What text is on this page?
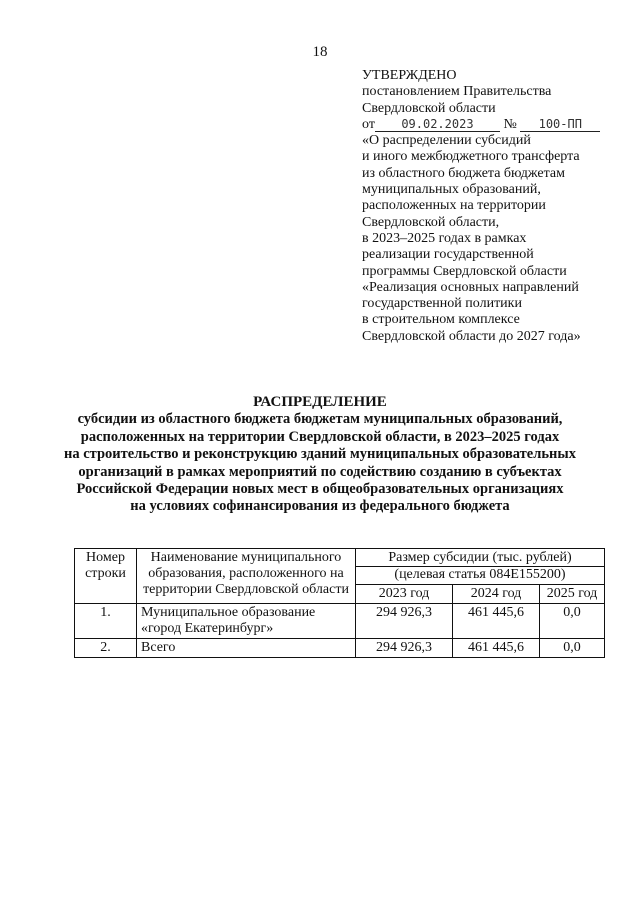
18
УТВЕРЖДЕНО
постановлением Правительства
Свердловской области
от 09.02.2023 № 100-ПП
«О распределении субсидий
и иного межбюджетного трансферта
из областного бюджета бюджетам
муниципальных образований,
расположенных на территории
Свердловской области,
в 2023–2025 годах в рамках
реализации государственной
программы Свердловской области
«Реализация основных направлений
государственной политики
в строительном комплексе
Свердловской области до 2027 года»
РАСПРЕДЕЛЕНИЕ
субсидии из областного бюджета бюджетам муниципальных образований,
расположенных на территории Свердловской области, в 2023–2025 годах
на строительство и реконструкцию зданий муниципальных образовательных
организаций в рамках мероприятий по содействию созданию в субъектах
Российской Федерации новых мест в общеобразовательных организациях
на условиях софинансирования из федерального бюджета
Номер строки	Наименование муниципального образования, расположенного на территории Свердловской области	Размер субсидии (тыс. рублей)		
		(целевая статья 084E155200)		
		2023 год	2024 год	2025 год
1.	Муниципальное образование «город Екатеринбург»	294 926,3	461 445,6	0,0
2.	Всего	294 926,3	461 445,6	0,0
